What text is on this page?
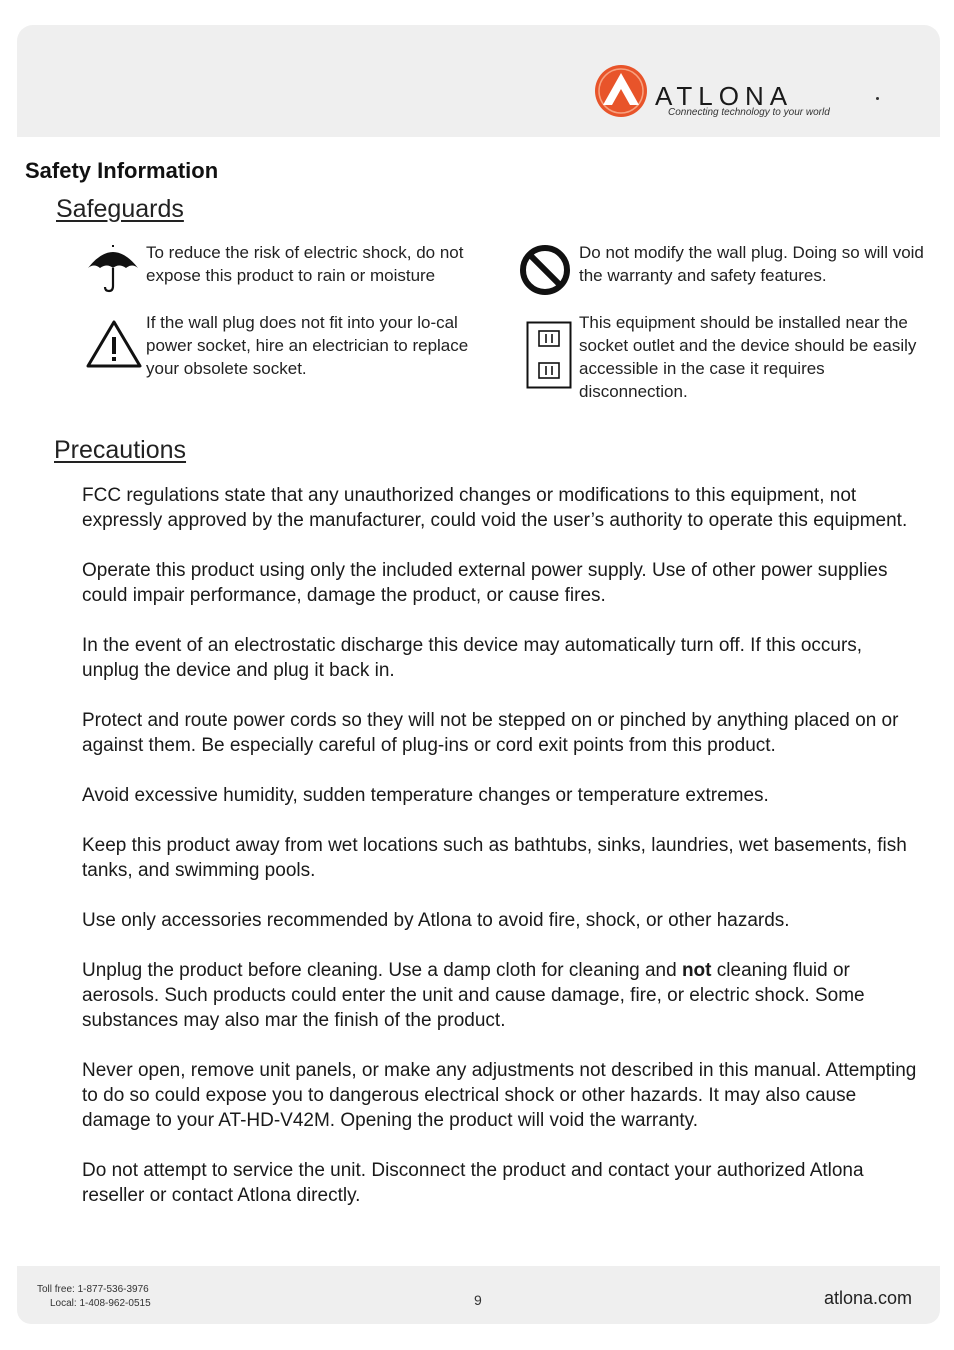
ATLONA
Connecting technology to your world
Safety Information
Safeguards
To reduce the risk of electric shock, do not expose this product to rain or moisture
If the wall plug does not fit into your lo-cal power socket, hire an electrician to replace your obsolete socket.
Do not modify the wall plug. Doing so will void the warranty and safety features.
This equipment should be installed near the socket outlet and the device should be easily accessible in the case it requires disconnection.
Precautions

FCC regulations state that any unauthorized changes or modifications to this equipment, not expressly approved by the manufacturer, could void the user’s authority to operate this equipment.

Operate this product using only the included external power supply. Use of other power supplies could impair performance, damage the product, or cause fires.

In the event of an electrostatic discharge this device may automatically turn off. If this occurs, unplug the device and plug it back in.

Protect and route power cords so they will not be stepped on or pinched by anything placed on or against them. Be especially careful of plug-ins or cord exit points from this product.

Avoid excessive humidity, sudden temperature changes or temperature extremes.

Keep this product away from wet locations such as bathtubs, sinks, laundries, wet basements, fish tanks, and swimming pools.

Use only accessories recommended by Atlona to avoid fire, shock, or other hazards.

Unplug the product before cleaning. Use a damp cloth for cleaning and not cleaning fluid or aerosols. Such products could enter the unit and cause damage, fire, or electric shock. Some substances may also mar the finish of the product.

Never open, remove unit panels, or make any adjustments not described in this manual. Attempting to do so could expose you to dangerous electrical shock or other hazards. It may also cause damage to your AT-HD-V42M. Opening the product will void the warranty.

Do not attempt to service the unit. Disconnect the product and contact your authorized Atlona reseller or contact Atlona directly.

Toll free: 1-877-536-3976
Local: 1-408-962-0515	9	atlona.com
